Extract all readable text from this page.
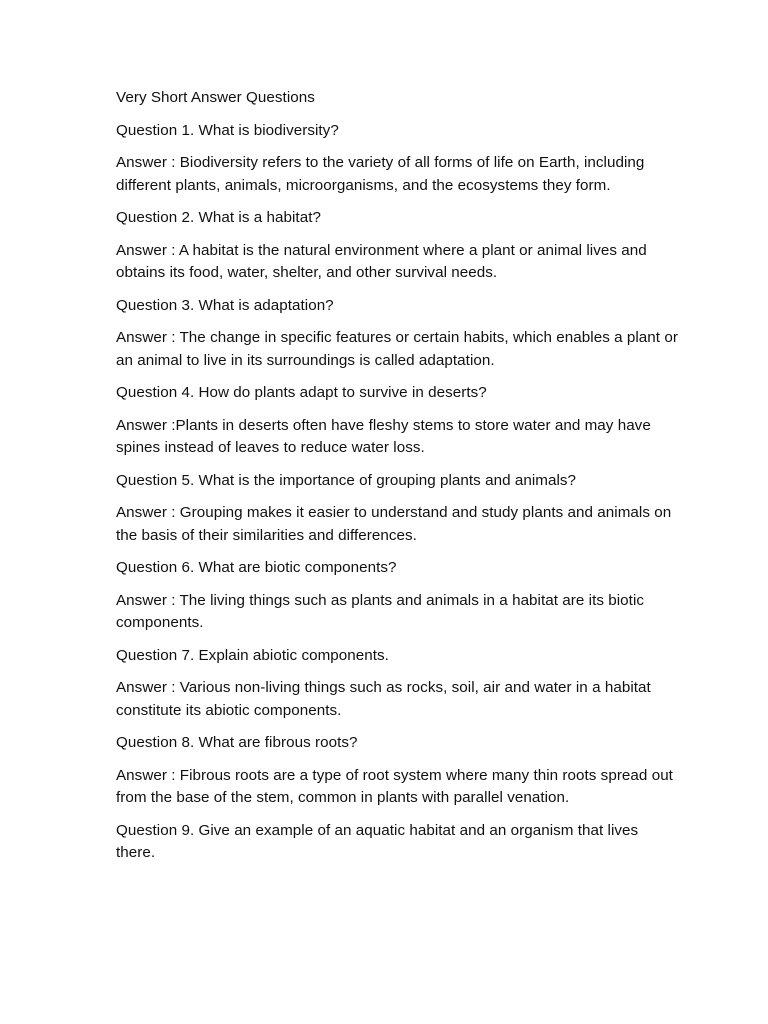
Very Short Answer Questions
Question 1. What is biodiversity?
Answer : Biodiversity refers to the variety of all forms of life on Earth, including different plants, animals, microorganisms, and the ecosystems they form.
Question 2. What is a habitat?
Answer : A habitat is the natural environment where a plant or animal lives and obtains its food, water, shelter, and other survival needs.
Question 3. What is adaptation?
Answer : The change in specific features or certain habits, which enables a plant or an animal to live in its surroundings is called adaptation.
Question 4. How do plants adapt to survive in deserts?
Answer :Plants in deserts often have fleshy stems to store water and may have spines instead of leaves to reduce water loss.
Question 5. What is the importance of grouping plants and animals?
Answer : Grouping makes it easier to understand and study plants and animals on the basis of their similarities and differences.
Question 6. What are biotic components?
Answer : The living things such as plants and animals in a habitat are its biotic components.
Question 7. Explain abiotic components.
Answer : Various non-living things such as rocks, soil, air and water in a habitat constitute its abiotic components.
Question 8. What are fibrous roots?
Answer : Fibrous roots are a type of root system where many thin roots spread out from the base of the stem, common in plants with parallel venation.
Question 9. Give an example of an aquatic habitat and an organism that lives there.
